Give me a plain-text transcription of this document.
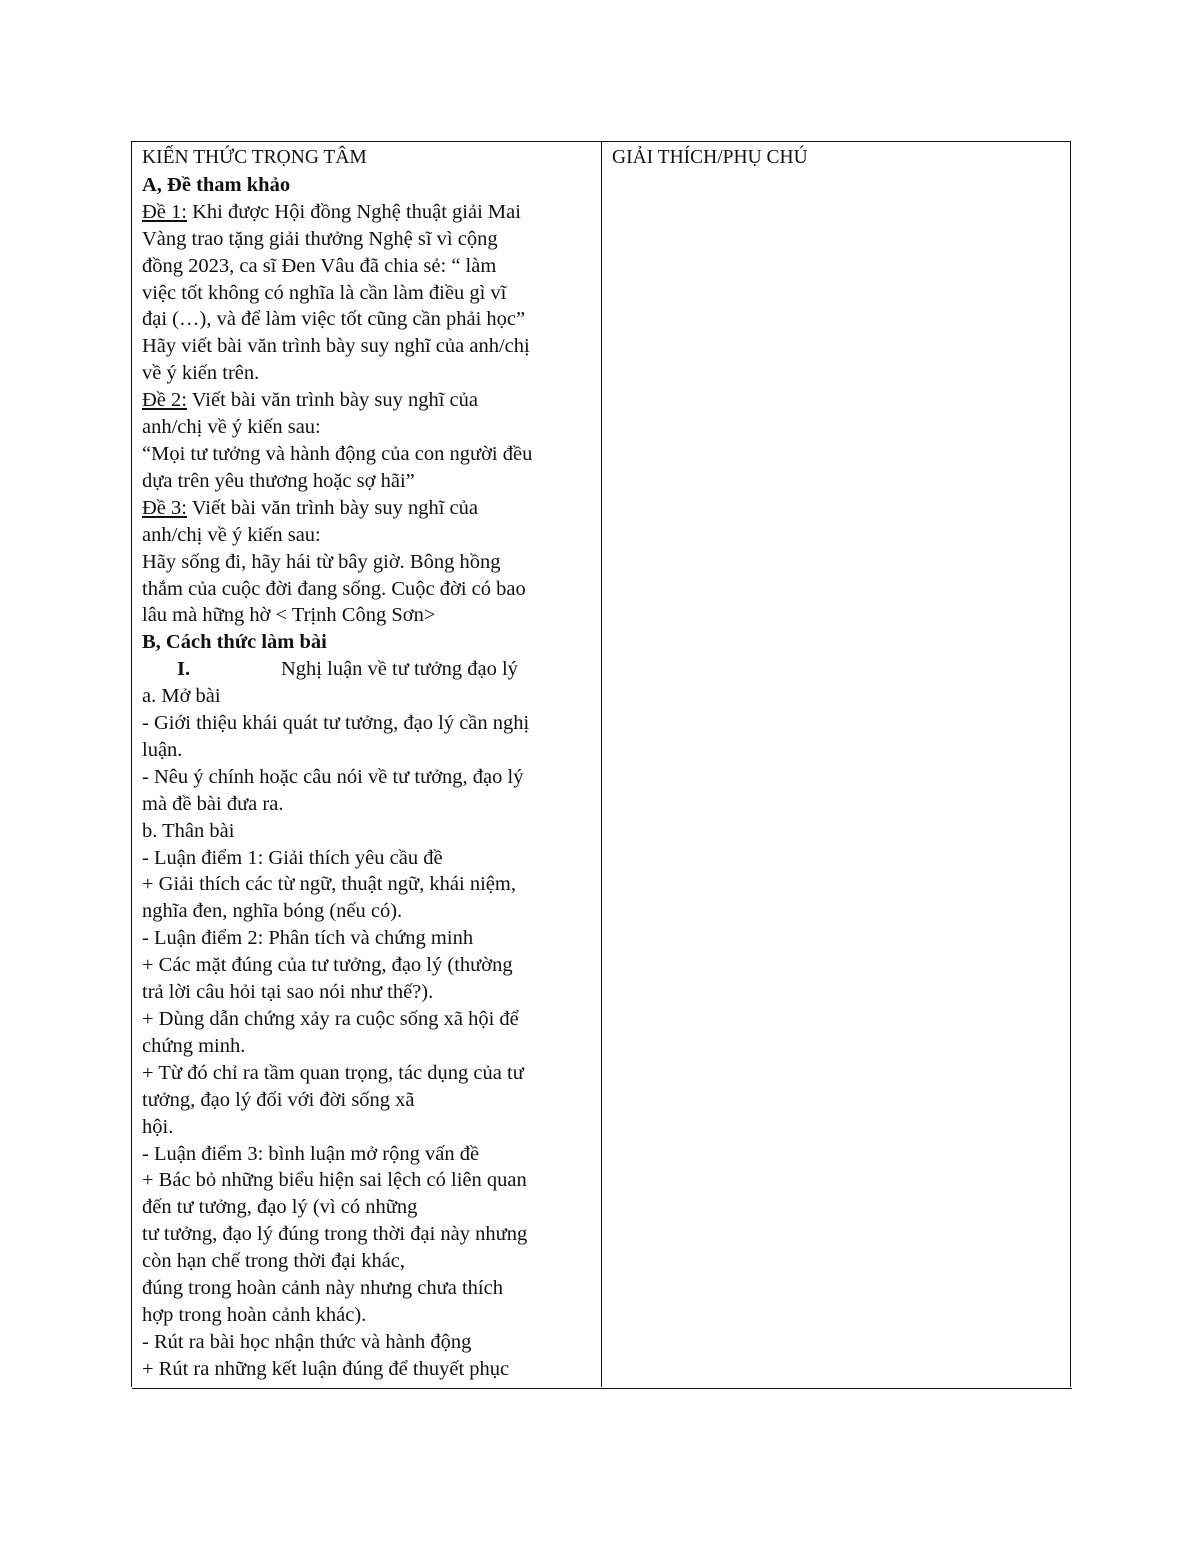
KIẾN THỨC TRỌNG TÂM
A, Đề tham khảo
Đề 1: Khi được Hội đồng Nghệ thuật giải Mai
Vàng trao tặng giải thưởng Nghệ sĩ vì cộng
đồng 2023, ca sĩ Đen Vâu đã chia sẻ: “ làm
việc tốt không có nghĩa là cần làm điều gì vĩ
đại (…), và để làm việc tốt cũng cần phải học”
Hãy viết bài văn trình bày suy nghĩ của anh/chị
về ý kiến trên.
Đề 2: Viết bài văn trình bày suy nghĩ của
anh/chị về ý kiến sau:
“Mọi tư tưởng và hành động của con người đều
dựa trên yêu thương hoặc sợ hãi”
Đề 3: Viết bài văn trình bày suy nghĩ của
anh/chị về ý kiến sau:
Hãy sống đi, hãy hái từ bây giờ. Bông hồng
thắm của cuộc đời đang sống. Cuộc đời có bao
lâu mà hững hờ < Trịnh Công Sơn>
B, Cách thức làm bài
I.	Nghị luận về tư tưởng đạo lý
a. Mở bài
- Giới thiệu khái quát tư tưởng, đạo lý cần nghị
luận.
- Nêu ý chính hoặc câu nói về tư tưởng, đạo lý
mà đề bài đưa ra.
b. Thân bài
- Luận điểm 1: Giải thích yêu cầu đề
+ Giải thích các từ ngữ, thuật ngữ, khái niệm,
nghĩa đen, nghĩa bóng (nếu có).
- Luận điểm 2: Phân tích và chứng minh
+ Các mặt đúng của tư tưởng, đạo lý (thường
trả lời câu hỏi tại sao nói như thế?).
+ Dùng dẫn chứng xảy ra cuộc sống xã hội để
chứng minh.
+ Từ đó chỉ ra tầm quan trọng, tác dụng của tư
tưởng, đạo lý đối với đời sống xã
hội.
- Luận điểm 3: bình luận mở rộng vấn đề
+ Bác bỏ những biểu hiện sai lệch có liên quan
đến tư tưởng, đạo lý (vì có những
tư tưởng, đạo lý đúng trong thời đại này nhưng
còn hạn chế trong thời đại khác,
đúng trong hoàn cảnh này nhưng chưa thích
hợp trong hoàn cảnh khác).
- Rút ra bài học nhận thức và hành động
+ Rút ra những kết luận đúng để thuyết phục
GIẢI THÍCH/PHỤ CHÚ
